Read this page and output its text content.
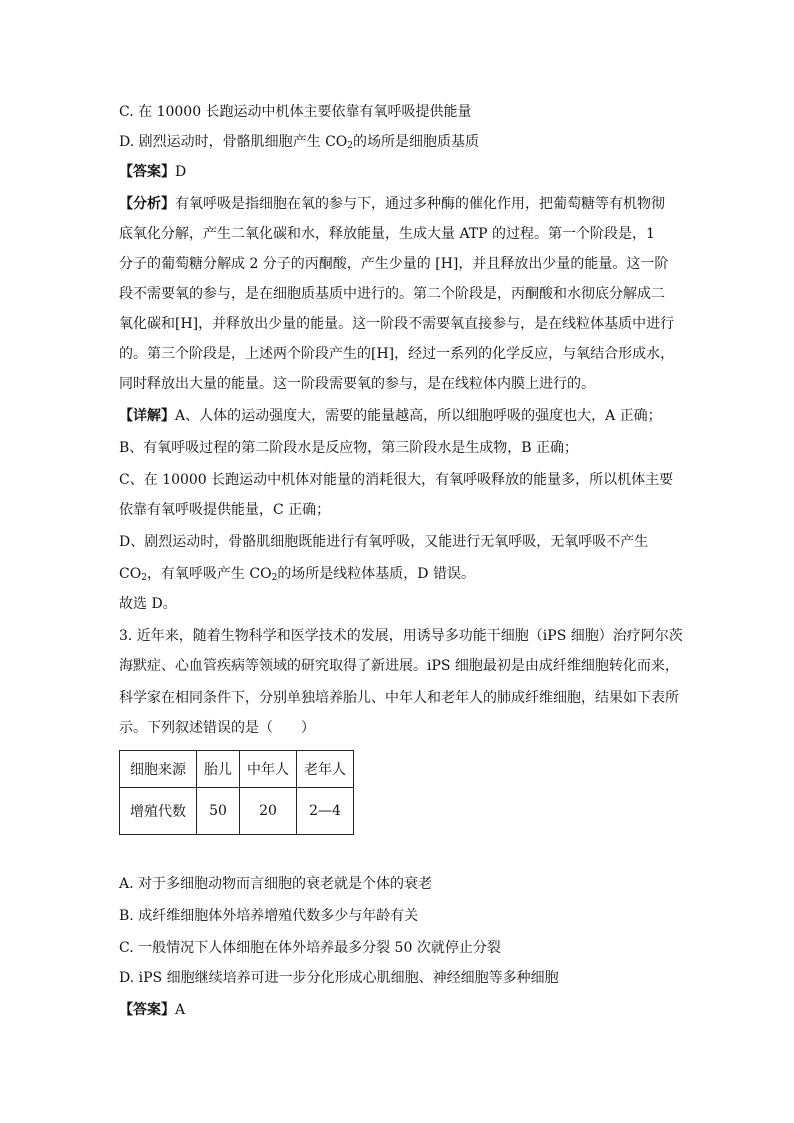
C. 在 10000 长跑运动中机体主要依靠有氧呼吸提供能量
D. 剧烈运动时，骨骼肌细胞产生 $CO_2$的场所是细胞质基质
【答案】D
【分析】有氧呼吸是指细胞在氧的参与下，通过多种酶的催化作用，把葡萄糖等有机物彻
底氧化分解，产生二氧化碳和水，释放能量，生成大量 ATP 的过程。第一个阶段是，1
分子的葡萄糖分解成 2 分子的丙酮酸，产生少量的 [H]，并且释放出少量的能量。这一阶
段不需要氧的参与，是在细胞质基质中进行的。第二个阶段是，丙酮酸和水彻底分解成二
氧化碳和[H]，并释放出少量的能量。这一阶段不需要氧直接参与，是在线粒体基质中进行
的。第三个阶段是，上述两个阶段产生的[H]，经过一系列的化学反应，与氧结合形成水，
同时释放出大量的能量。这一阶段需要氧的参与，是在线粒体内膜上进行的。
【详解】A、人体的运动强度大，需要的能量越高，所以细胞呼吸的强度也大，A 正确；
B、有氧呼吸过程的第二阶段水是反应物，第三阶段水是生成物，B 正确；
C、在 10000 长跑运动中机体对能量的消耗很大，有氧呼吸释放的能量多，所以机体主要
依靠有氧呼吸提供能量，C 正确；
D、剧烈运动时，骨骼肌细胞既能进行有氧呼吸，又能进行无氧呼吸，无氧呼吸不产生
$CO_2$，有氧呼吸产生 $CO_2$的场所是线粒体基质，D 错误。
故选 D。
3. 近年来，随着生物科学和医学技术的发展，用诱导多功能干细胞（iPS 细胞）治疗阿尔茨
海默症、心血管疾病等领域的研究取得了新进展。iPS 细胞最初是由成纤维细胞转化而来，
科学家在相同条件下，分别单独培养胎儿、中年人和老年人的肺成纤维细胞，结果如下表所
示。下列叙述错误的是（　　）
细胞来源	胎儿	中年人	老年人
增殖代数	50	20	2—4
A. 对于多细胞动物而言细胞的衰老就是个体的衰老
B. 成纤维细胞体外培养增殖代数多少与年龄有关
C. 一般情况下人体细胞在体外培养最多分裂 50 次就停止分裂
D. iPS 细胞继续培养可进一步分化形成心肌细胞、神经细胞等多种细胞
【答案】A
